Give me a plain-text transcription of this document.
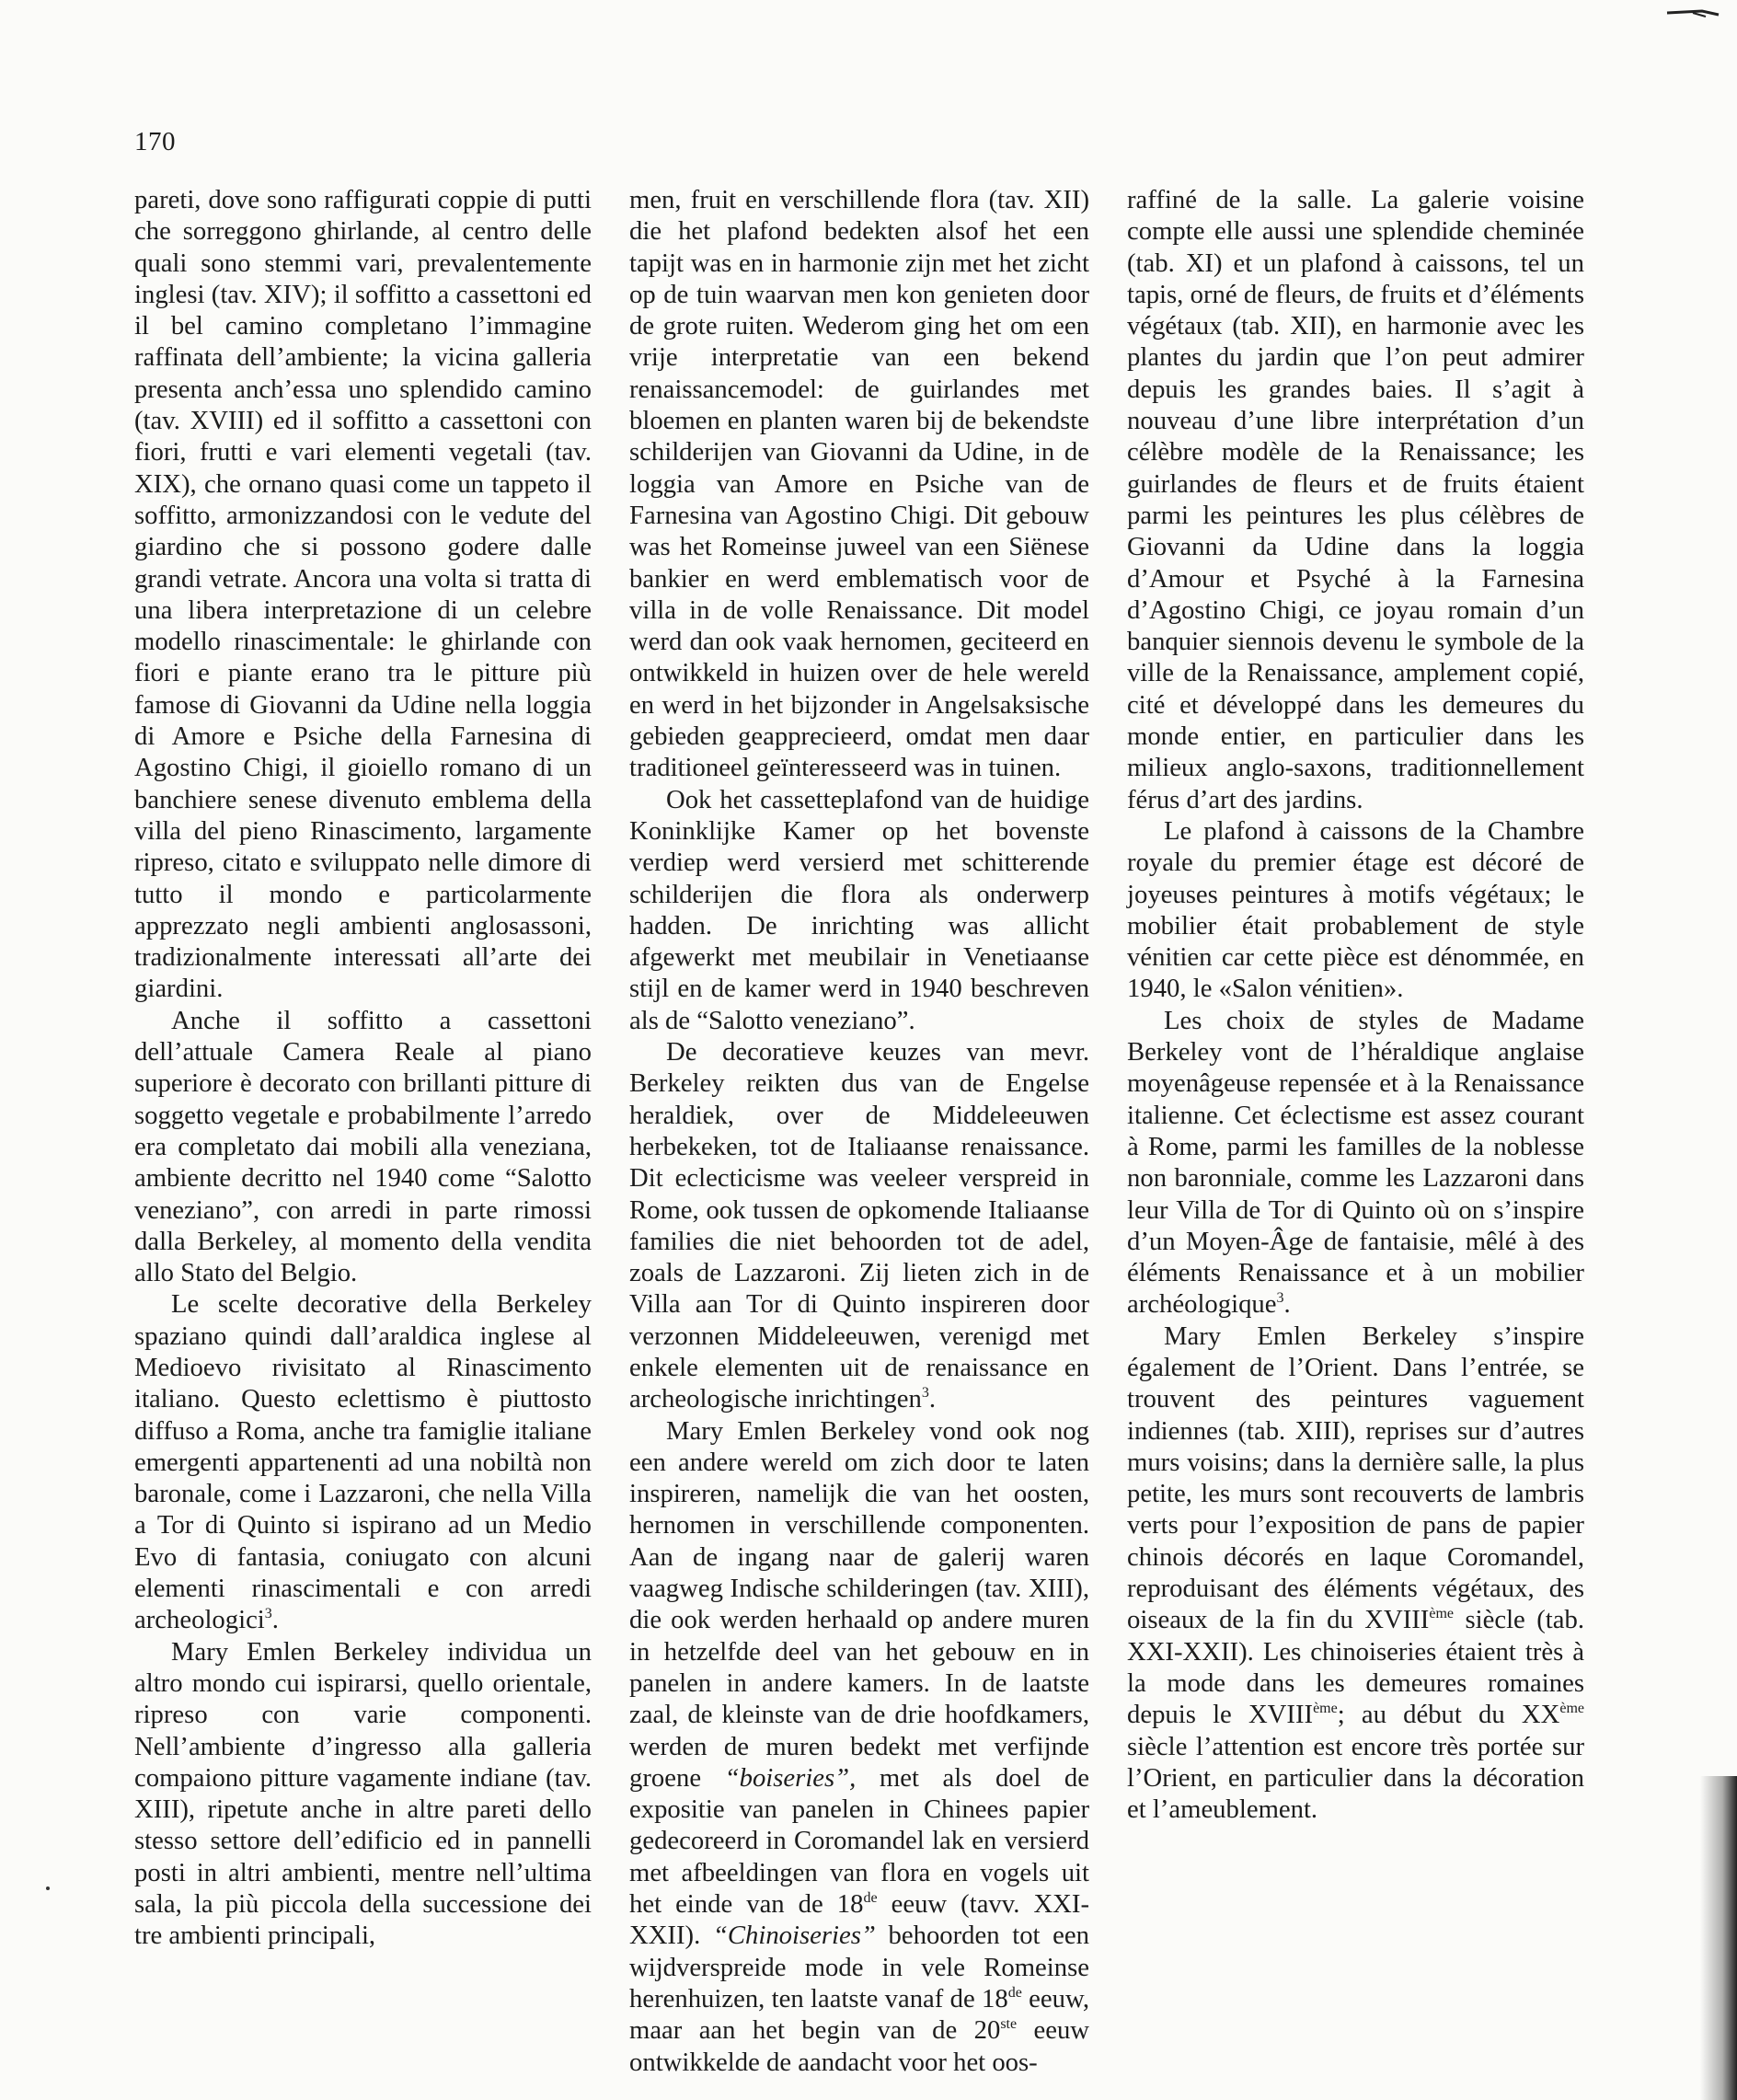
170

pareti, dove sono raffigurati coppie di putti che sorreggono ghirlande, al centro delle quali sono stemmi vari, prevalentemente inglesi (tav. XIV); il soffitto a cassettoni ed il bel camino completano l’immagine raffinata dell’ambiente; la vicina galleria presenta anch’essa uno splendido camino (tav. XVIII) ed il soffitto a cassettoni con fiori, frutti e vari elementi vegetali (tav. XIX), che ornano quasi come un tappeto il soffitto, armonizzandosi con le vedute del giardino che si possono godere dalle grandi vetrate. Ancora una volta si tratta di una libera interpretazione di un celebre modello rinascimentale: le ghirlande con fiori e piante erano tra le pitture più famose di Giovanni da Udine nella loggia di Amore e Psiche della Farnesina di Agostino Chigi, il gioiello romano di un banchiere senese divenuto emblema della villa del pieno Rinascimento, largamente ripreso, citato e sviluppato nelle dimore di tutto il mondo e particolarmente apprezzato negli ambienti anglosassoni, tradizionalmente interessati all’arte dei giardini.

Anche il soffitto a cassettoni dell’attuale Camera Reale al piano superiore è decorato con brillanti pitture di soggetto vegetale e probabilmente l’arredo era completato dai mobili alla veneziana, ambiente decritto nel 1940 come “Salotto veneziano”, con arredi in parte rimossi dalla Berkeley, al momento della vendita allo Stato del Belgio.

Le scelte decorative della Berkeley spaziano quindi dall’araldica inglese al Medioevo rivisitato al Rinascimento italiano. Questo eclettismo è piuttosto diffuso a Roma, anche tra famiglie italiane emergenti appartenenti ad una nobiltà non baronale, come i Lazzaroni, che nella Villa a Tor di Quinto si ispirano ad un Medio Evo di fantasia, coniugato con alcuni elementi rinascimentali e con arredi archeologici$^3$.

Mary Emlen Berkeley individua un altro mondo cui ispirarsi, quello orientale, ripreso con varie componenti. Nell’ambiente d’ingresso alla galleria compaiono pitture vagamente indiane (tav. XIII), ripetute anche in altre pareti dello stesso settore dell’edificio ed in pannelli posti in altri ambienti, mentre nell’ultima sala, la più piccola della successione dei tre ambienti principali,

men, fruit en verschillende flora (tav. XII) die het plafond bedekten alsof het een tapijt was en in harmonie zijn met het zicht op de tuin waarvan men kon genieten door de grote ruiten. Wederom ging het om een vrije interpretatie van een bekend renaissancemodel: de guirlandes met bloemen en planten waren bij de bekendste schilderijen van Giovanni da Udine, in de loggia van Amore en Psiche van de Farnesina van Agostino Chigi. Dit gebouw was het Romeinse juweel van een Siënese bankier en werd emblematisch voor de villa in de volle Renaissance. Dit model werd dan ook vaak hernomen, geciteerd en ontwikkeld in huizen over de hele wereld en werd in het bijzonder in Angelsaksische gebieden geapprecieerd, omdat men daar traditioneel geïnteresseerd was in tuinen.

Ook het cassetteplafond van de huidige Koninklijke Kamer op het bovenste verdiep werd versierd met schitterende schilderijen die flora als onderwerp hadden. De inrichting was allicht afgewerkt met meubilair in Venetiaanse stijl en de kamer werd in 1940 beschreven als de “Salotto veneziano”.

De decoratieve keuzes van mevr. Berkeley reikten dus van de Engelse heraldiek, over de Middeleeuwen herbekeken, tot de Italiaanse renaissance. Dit eclecticisme was veeleer verspreid in Rome, ook tussen de opkomende Italiaanse families die niet behoorden tot de adel, zoals de Lazzaroni. Zij lieten zich in de Villa aan Tor di Quinto inspireren door verzonnen Middeleeuwen, verenigd met enkele elementen uit de renaissance en archeologische inrichtingen$^3$.

Mary Emlen Berkeley vond ook nog een andere wereld om zich door te laten inspireren, namelijk die van het oosten, hernomen in verschillende componenten. Aan de ingang naar de galerij waren vaagweg Indische schilderingen (tav. XIII), die ook werden herhaald op andere muren in hetzelfde deel van het gebouw en in panelen in andere kamers. In de laatste zaal, de kleinste van de drie hoofdkamers, werden de muren bedekt met verfijnde groene “boiseries”, met als doel de expositie van panelen in Chinees papier gedecoreerd in Coromandel lak en versierd met afbeeldingen van flora en vogels uit het einde van de 18de eeuw (tavv. XXI-XXII). “Chinoiseries” behoorden tot een wijdverspreide mode in vele Romeinse herenhuizen, ten laatste vanaf de 18de eeuw, maar aan het begin van de 20ste eeuw ontwikkelde de aandacht voor het oos-

raffiné de la salle. La galerie voisine compte elle aussi une splendide cheminée (tab. XI) et un plafond à caissons, tel un tapis, orné de fleurs, de fruits et d’éléments végétaux (tab. XII), en harmonie avec les plantes du jardin que l’on peut admirer depuis les grandes baies. Il s’agit à nouveau d’une libre interprétation d’un célèbre modèle de la Renaissance; les guirlandes de fleurs et de fruits étaient parmi les peintures les plus célèbres de Giovanni da Udine dans la loggia d’Amour et Psyché à la Farnesina d’Agostino Chigi, ce joyau romain d’un banquier siennois devenu le symbole de la ville de la Renaissance, amplement copié, cité et développé dans les demeures du monde entier, en particulier dans les milieux anglo-saxons, traditionnellement férus d’art des jardins.

Le plafond à caissons de la Chambre royale du premier étage est décoré de joyeuses peintures à motifs végétaux; le mobilier était probablement de style vénitien car cette pièce est dénommée, en 1940, le «Salon vénitien».

Les choix de styles de Madame Berkeley vont de l’héraldique anglaise moyenâgeuse repensée et à la Renaissance italienne. Cet éclectisme est assez courant à Rome, parmi les familles de la noblesse non baronniale, comme les Lazzaroni dans leur Villa de Tor di Quinto où on s’inspire d’un Moyen-Âge de fantaisie, mêlé à des éléments Renaissance et à un mobilier archéologique$^3$.

Mary Emlen Berkeley s’inspire également de l’Orient. Dans l’entrée, se trouvent des peintures vaguement indiennes (tab. XIII), reprises sur d’autres murs voisins; dans la dernière salle, la plus petite, les murs sont recouverts de lambris verts pour l’exposition de pans de papier chinois décorés en laque Coromandel, reproduisant des éléments végétaux, des oiseaux de la fin du XVIIIème siècle (tab. XXI-XXII). Les chinoiseries étaient très à la mode dans les demeures romaines depuis le XVIIIème; au début du XXème siècle l’attention est encore très portée sur l’Orient, en particulier dans la décoration et l’ameublement.
